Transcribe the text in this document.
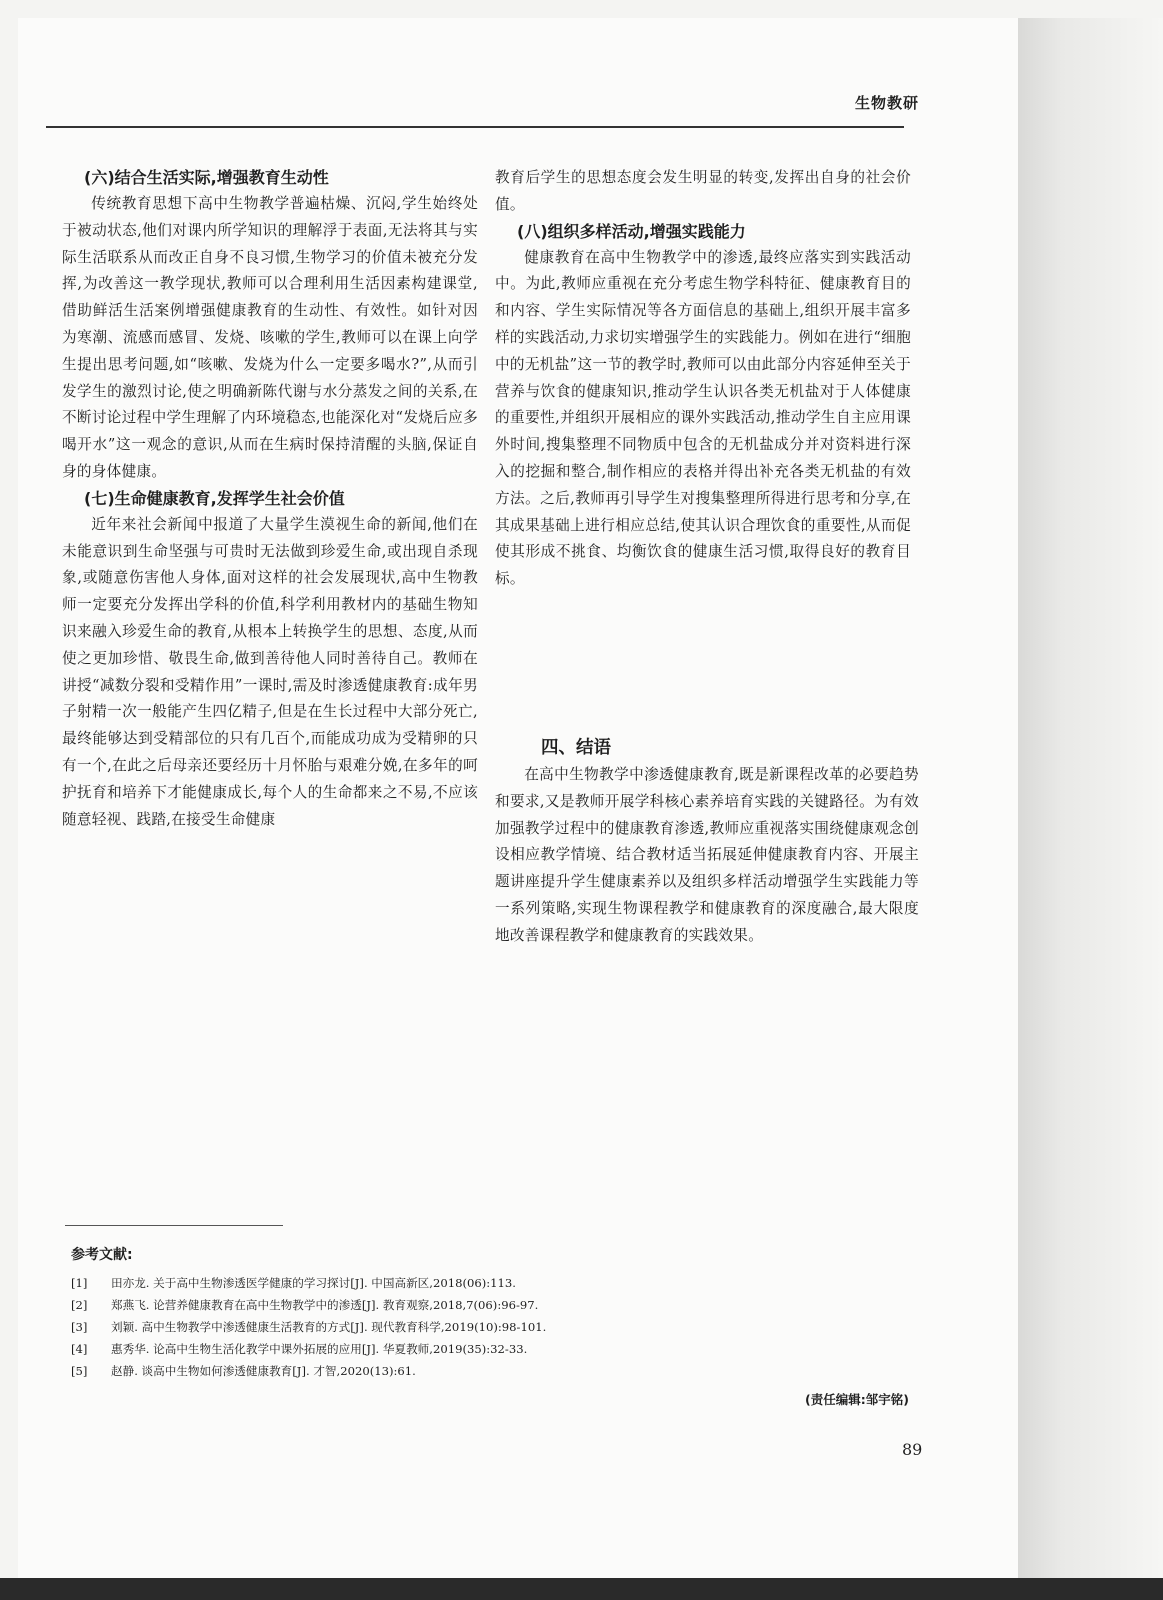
生物教研
(六)结合生活实际,增强教育生动性

传统教育思想下高中生物教学普遍枯燥、沉闷,学生始终处于被动状态,他们对课内所学知识的理解浮于表面,无法将其与实际生活联系从而改正自身不良习惯,生物学习的价值未被充分发挥,为改善这一教学现状,教师可以合理利用生活因素构建课堂,借助鲜活生活案例增强健康教育的生动性、有效性。如针对因为寒潮、流感而感冒、发烧、咳嗽的学生,教师可以在课上向学生提出思考问题,如“咳嗽、发烧为什么一定要多喝水?”,从而引发学生的激烈讨论,使之明确新陈代谢与水分蒸发之间的关系,在不断讨论过程中学生理解了内环境稳态,也能深化对“发烧后应多喝开水”这一观念的意识,从而在生病时保持清醒的头脑,保证自身的身体健康。

(七)生命健康教育,发挥学生社会价值

近年来社会新闻中报道了大量学生漠视生命的新闻,他们在未能意识到生命坚强与可贵时无法做到珍爱生命,或出现自杀现象,或随意伤害他人身体,面对这样的社会发展现状,高中生物教师一定要充分发挥出学科的价值,科学利用教材内的基础生物知识来融入珍爱生命的教育,从根本上转换学生的思想、态度,从而使之更加珍惜、敬畏生命,做到善待他人同时善待自己。教师在讲授“减数分裂和受精作用”一课时,需及时渗透健康教育:成年男子射精一次一般能产生四亿精子,但是在生长过程中大部分死亡,最终能够达到受精部位的只有几百个,而能成功成为受精卵的只有一个,在此之后母亲还要经历十月怀胎与艰难分娩,在多年的呵护抚育和培养下才能健康成长,每个人的生命都来之不易,不应该随意轻视、践踏,在接受生命健康

教育后学生的思想态度会发生明显的转变,发挥出自身的社会价值。

(八)组织多样活动,增强实践能力

健康教育在高中生物教学中的渗透,最终应落实到实践活动中。为此,教师应重视在充分考虑生物学科特征、健康教育目的和内容、学生实际情况等各方面信息的基础上,组织开展丰富多样的实践活动,力求切实增强学生的实践能力。例如在进行“细胞中的无机盐”这一节的教学时,教师可以由此部分内容延伸至关于营养与饮食的健康知识,推动学生认识各类无机盐对于人体健康的重要性,并组织开展相应的课外实践活动,推动学生自主应用课外时间,搜集整理不同物质中包含的无机盐成分并对资料进行深入的挖掘和整合,制作相应的表格并得出补充各类无机盐的有效方法。之后,教师再引导学生对搜集整理所得进行思考和分享,在其成果基础上进行相应总结,使其认识合理饮食的重要性,从而促使其形成不挑食、均衡饮食的健康生活习惯,取得良好的教育目标。

四、结语

在高中生物教学中渗透健康教育,既是新课程改革的必要趋势和要求,又是教师开展学科核心素养培育实践的关键路径。为有效加强教学过程中的健康教育渗透,教师应重视落实围绕健康观念创设相应教学情境、结合教材适当拓展延伸健康教育内容、开展主题讲座提升学生健康素养以及组织多样活动增强学生实践能力等一系列策略,实现生物课程教学和健康教育的深度融合,最大限度地改善课程教学和健康教育的实践效果。

参考文献:
[1] 田亦龙. 关于高中生物渗透医学健康的学习探讨[J]. 中国高新区,2018(06):113.
[2] 郑燕飞. 论营养健康教育在高中生物教学中的渗透[J]. 教育观察,2018,7(06):96-97.
[3] 刘颖. 高中生物教学中渗透健康生活教育的方式[J]. 现代教育科学,2019(10):98-101.
[4] 惠秀华. 论高中生物生活化教学中课外拓展的应用[J]. 华夏教师,2019(35):32-33.
[5] 赵静. 谈高中生物如何渗透健康教育[J]. 才智,2020(13):61.
(责任编辑:邹宇铭)
89
